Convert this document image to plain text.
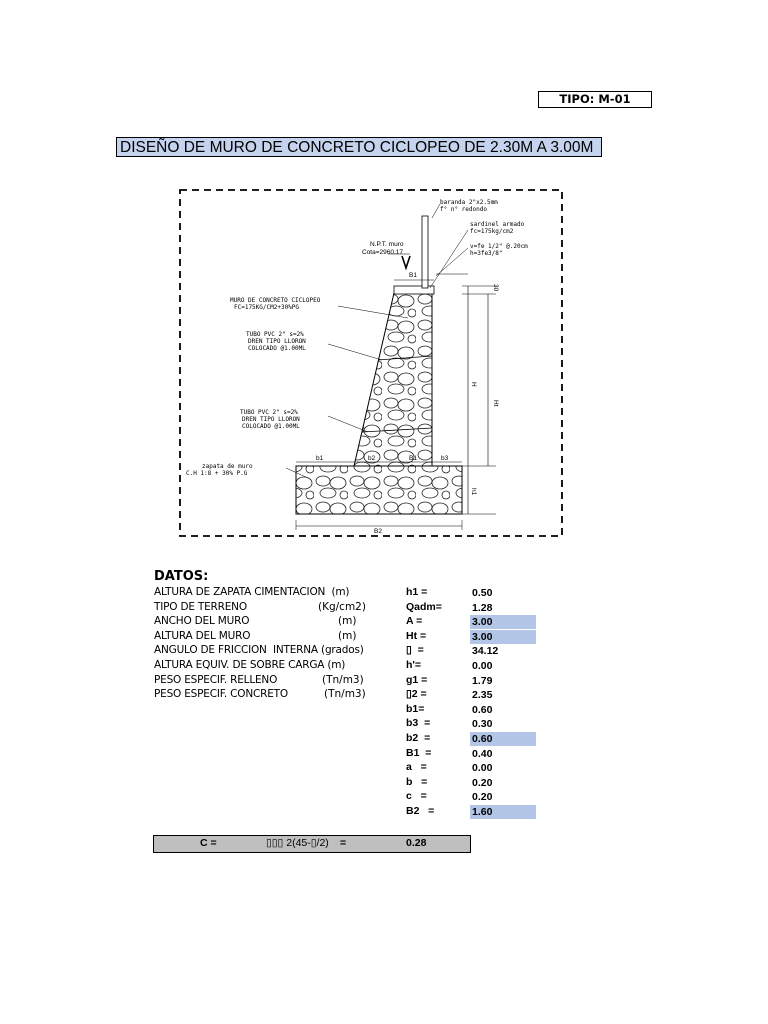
TIPO: M-01
DISEÑO DE MURO DE CONCRETO CICLOPEO DE 2.30M A 3.00M
baranda 2"x2.5mm
f° n° redondo
sardinel armado
fc=175kg/cm2
v=fe 1/2" @.20cm
h=3fe3/8"
MURO DE CONCRETO CICLOPEO
FC=175KG/CM2+30%PG
TUBO PVC 2" s=2%
DREN TIPO LLORON
COLOCADO @1.00ML
TUBO PVC 2" s=2%
DREN TIPO LLORON
COLOCADO @1.00ML
zapata de muro
C.H 1:8 + 30% P.G
N.P.T. muro
Cota=2960.17
B1
b1	b2	B1	b3
B2
30
H
Ht
h1
DATOS:
ALTURA DE ZAPATA CIMENTACION  (m)	h1 =	0.50
TIPO DE TERRENO	(Kg/cm2)	Qadm=	1.28
ANCHO DEL MURO	(m)	A =	3.00
ALTURA DEL MURO	(m)	Ht =	3.00
ANGULO DE FRICCION  INTERNA (grados)	▯  =	34.12
ALTURA EQUIV. DE SOBRE CARGA (m)	h'=	0.00
PESO ESPECIF. RELLENO	(Tn/m3)	g1 =	1.79
PESO ESPECIF. CONCRETO	(Tn/m3)	▯2 =	2.35
b1=	0.60
b3  =	0.30
b2  =	0.60
B1  =	0.40
a   =	0.00
b   =	0.20
c   =	0.20
B2   =	1.60
C =	▯▯▯ 2(45-▯/2) =	0.28
